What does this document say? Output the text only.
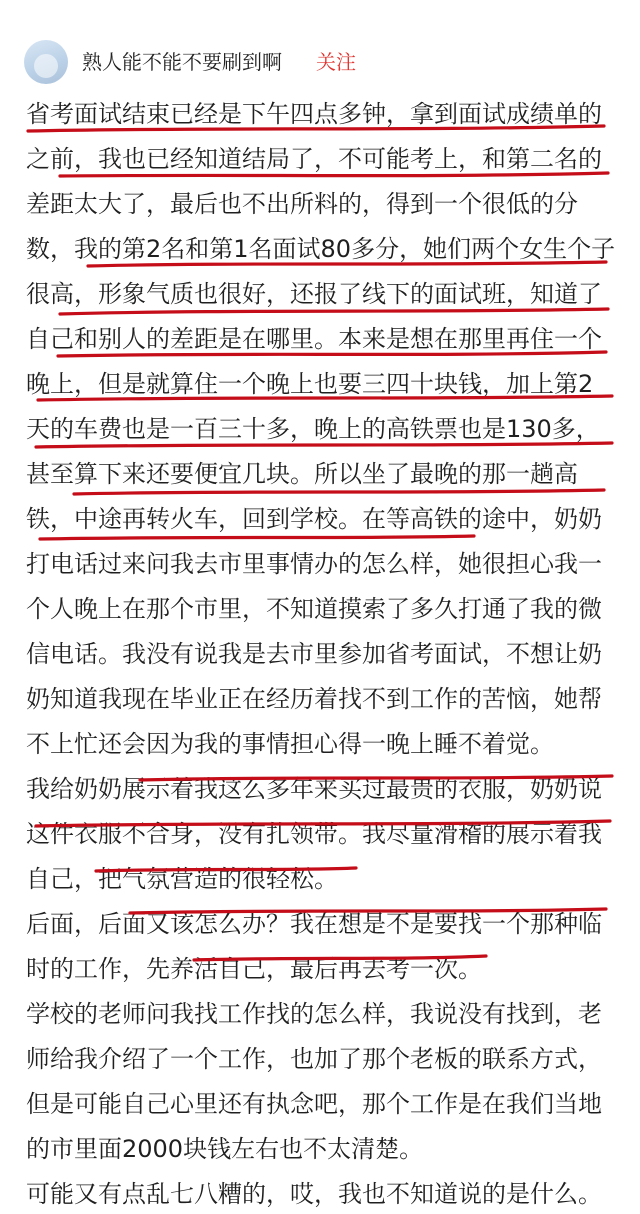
熟人能不能不要刷到啊 关注
省考面试结束已经是下午四点多钟，拿到面试成绩单的
之前，我也已经知道结局了，不可能考上，和第二名的
差距太大了，最后也不出所料的，得到一个很低的分
数，我的第2名和第1名面试80多分，她们两个女生个子
很高，形象气质也很好，还报了线下的面试班，知道了
自己和别人的差距是在哪里。本来是想在那里再住一个
晚上，但是就算住一个晚上也要三四十块钱，加上第2
天的车费也是一百三十多，晚上的高铁票也是130多，
甚至算下来还要便宜几块。所以坐了最晚的那一趟高
铁，中途再转火车，回到学校。在等高铁的途中，奶奶
打电话过来问我去市里事情办的怎么样，她很担心我一
个人晚上在那个市里，不知道摸索了多久打通了我的微
信电话。我没有说我是去市里参加省考面试，不想让奶
奶知道我现在毕业正在经历着找不到工作的苦恼，她帮
不上忙还会因为我的事情担心得一晚上睡不着觉。
我给奶奶展示着我这么多年来买过最贵的衣服，奶奶说
这件衣服不合身，没有扎领带。我尽量滑稽的展示着我
自己，把气氛营造的很轻松。
后面，后面又该怎么办？我在想是不是要找一个那种临
时的工作，先养活自己，最后再去考一次。
学校的老师问我找工作找的怎么样，我说没有找到，老
师给我介绍了一个工作，也加了那个老板的联系方式，
但是可能自己心里还有执念吧，那个工作是在我们当地
的市里面2000块钱左右也不太清楚。
可能又有点乱七八糟的，哎，我也不知道说的是什么。
